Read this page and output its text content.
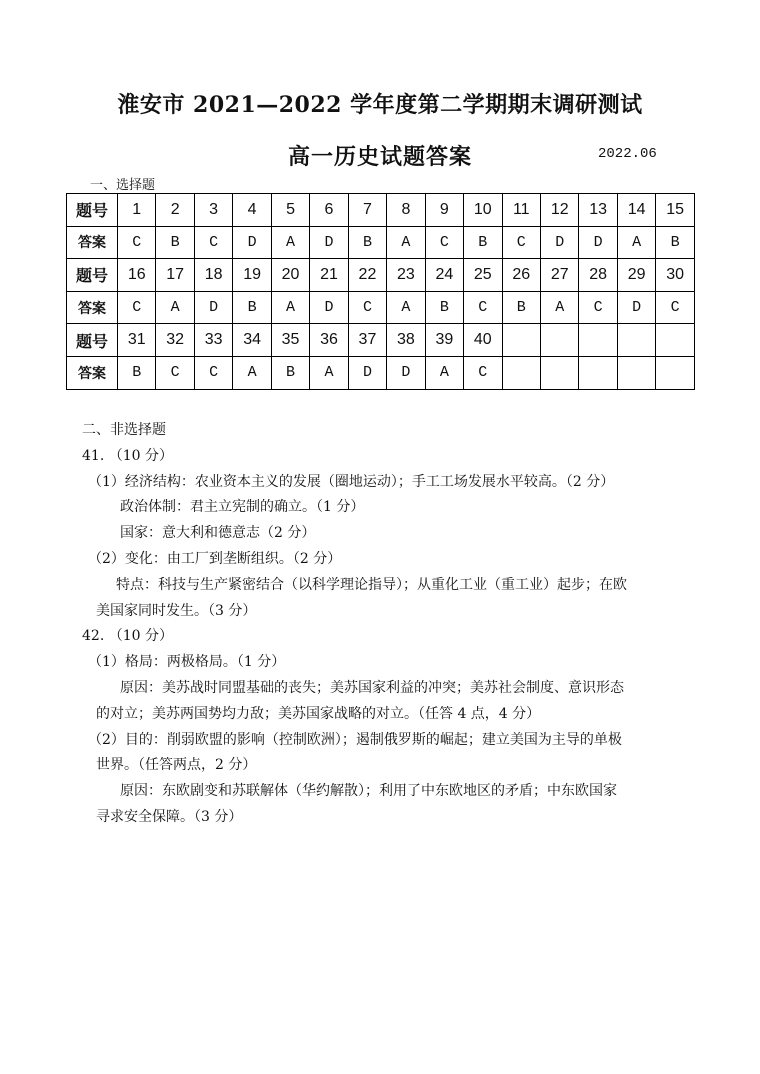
淮安市 2021—2022 学年度第二学期期末调研测试
高一历史试题答案	2022.06
一、选择题
题号	1	2	3	4	5	6	7	8	9	10	11	12	13	14	15
答案	C	B	C	D	A	D	B	A	C	B	C	D	D	A	B
题号	16	17	18	19	20	21	22	23	24	25	26	27	28	29	30
答案	C	A	D	B	A	D	C	A	B	C	B	A	C	D	C
题号	31	32	33	34	35	36	37	38	39	40					
答案	B	C	C	A	B	A	D	D	A	C					

二、非选择题

41. （10 分）

（1）经济结构：农业资本主义的发展（圈地运动）；手工工场发展水平较高。（2 分）

政治体制：君主立宪制的确立。（1 分）

国家：意大利和德意志（2 分）

（2）变化：由工厂到垄断组织。（2 分）

特点：科技与生产紧密结合（以科学理论指导）；从重化工业（重工业）起步；在欧

美国家同时发生。（3 分）

42. （10 分）

（1）格局：两极格局。（1 分）

原因：美苏战时同盟基础的丧失；美苏国家利益的冲突；美苏社会制度、意识形态

的对立；美苏两国势均力敌；美苏国家战略的对立。（任答 4 点，4 分）

（2）目的：削弱欧盟的影响（控制欧洲）；遏制俄罗斯的崛起；建立美国为主导的单极

世界。（任答两点，2 分）

原因：东欧剧变和苏联解体（华约解散）；利用了中东欧地区的矛盾；中东欧国家

寻求安全保障。（3 分）
